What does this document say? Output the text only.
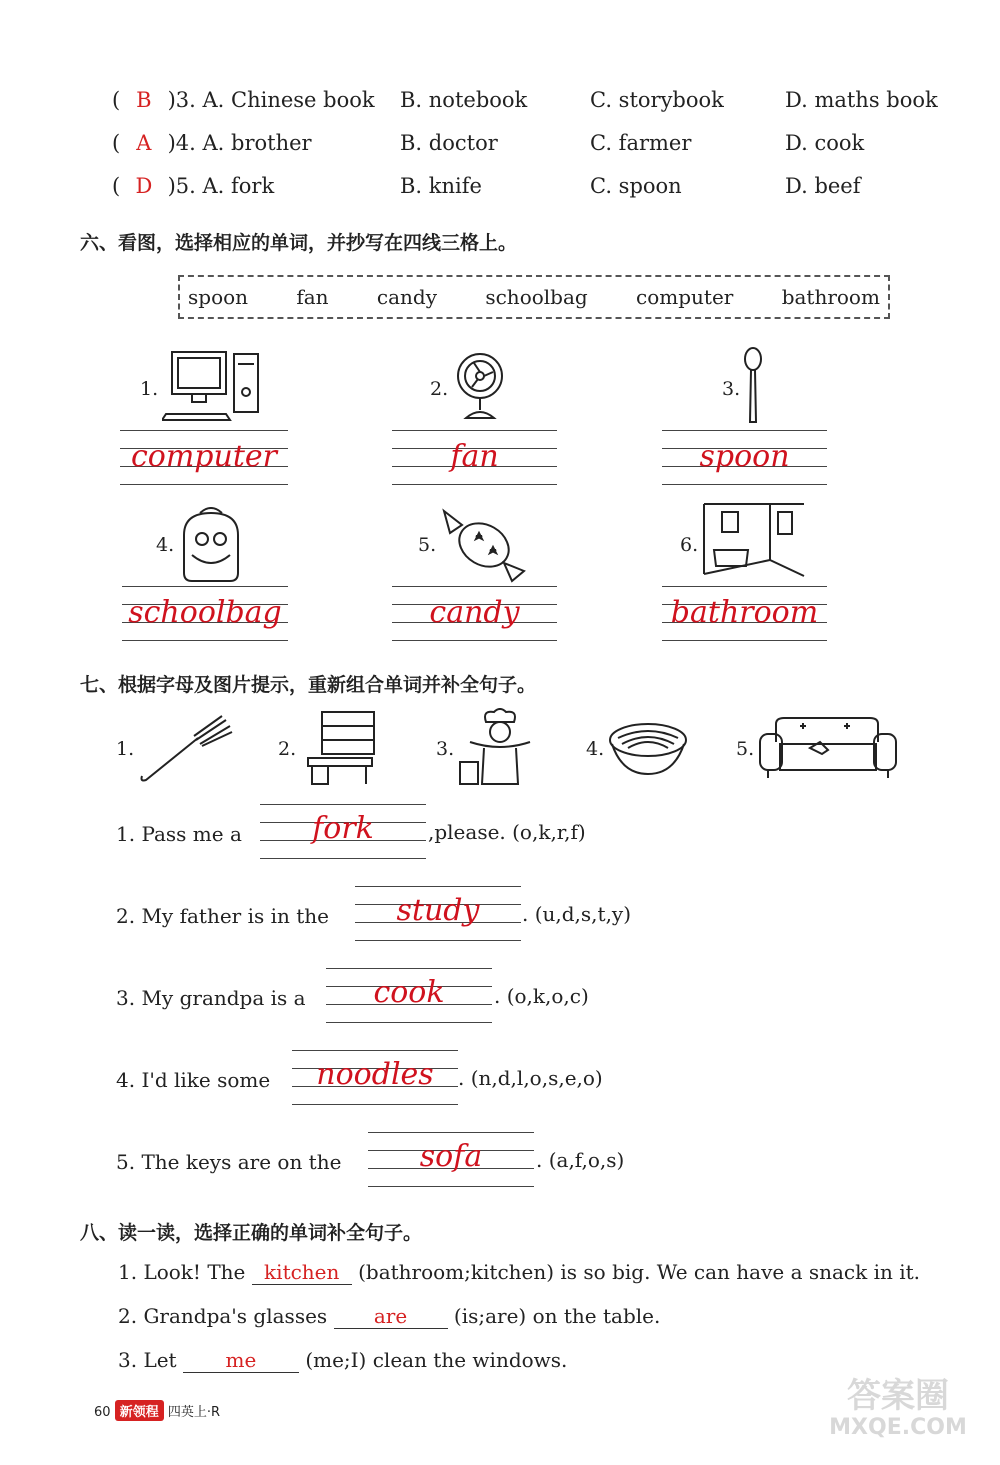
( B )3. A. Chinese book B. notebook	C. storybook	D. maths book
( A )4. A. brother	B. doctor	C. farmer	D. cook
( D )5. A. fork	B. knife	C. spoon	D. beef
六、看图，选择相应的单词，并抄写在四线三格上。
spoon fan candy schoolbag computer bathroom
1.
computer
2.
fan
3.
spoon
4.
schoolbag
5.
candy
6.
bathroom
七、根据字母及图片提示，重新组合单词并补全句子。
1.	2.	3.	4.	5.
1. Pass me a	fork	,please. (o,k,r,f)
2. My father is in the	study	. (u,d,s,t,y)
3. My grandpa is a	cook	. (o,k,o,c)
4. I'd like some	noodles	. (n,d,l,o,s,e,o)
5. The keys are on the	sofa	. (a,f,o,s)
八、读一读，选择正确的单词补全句子。
1. Look! The kitchen (bathroom;kitchen) is so big. We can have a snack in it.
2. Grandpa's glasses are (is;are) on the table.
3. Let me (me;I) clean the windows.
60 新领程 四英上·R	答案圈
MXQE.COM
